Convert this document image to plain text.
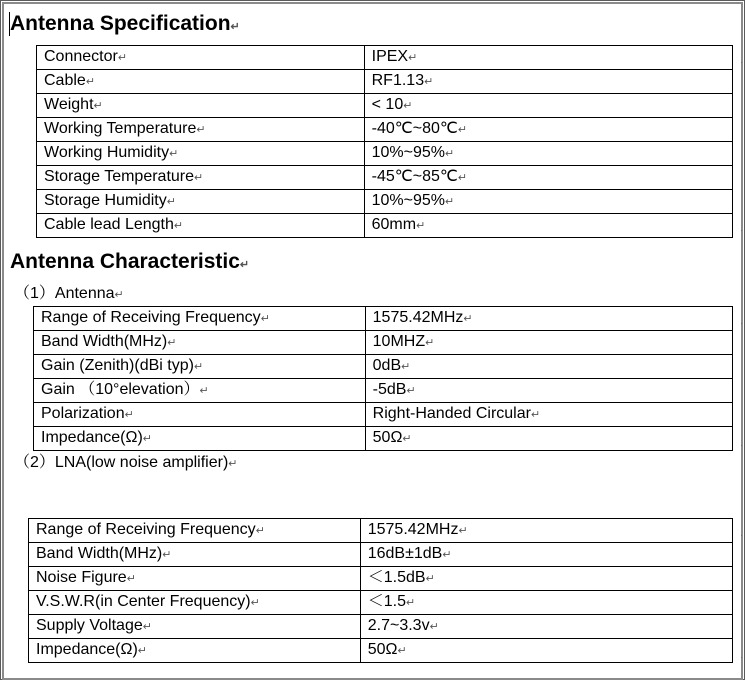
Antenna Specification↵
Connector↵	IPEX↵
Cable↵	RF1.13↵
Weight↵	< 10↵
Working Temperature↵	-40℃~80℃↵
Working Humidity↵	10%~95%↵
Storage Temperature↵	-45℃~85℃↵
Storage Humidity↵	10%~95%↵
Cable lead Length↵	60mm↵
Antenna Characteristic↵
（1）Antenna↵
Range of Receiving Frequency↵	1575.42MHz↵
Band Width(MHz)↵	10MHZ↵
Gain (Zenith)(dBi typ)↵	0dB↵
Gain （10°elevation）↵	-5dB↵
Polarization↵	Right-Handed Circular↵
Impedance(Ω)↵	50Ω↵
（2）LNA(low noise amplifier)↵
Range of Receiving Frequency↵	1575.42MHz↵
Band Width(MHz)↵	16dB±1dB↵
Noise Figure↵	＜1.5dB↵
V.S.W.R(in Center Frequency)↵	＜1.5↵
Supply Voltage↵	2.7~3.3v↵
Impedance(Ω)↵	50Ω↵
·
·
·
·
·
·
